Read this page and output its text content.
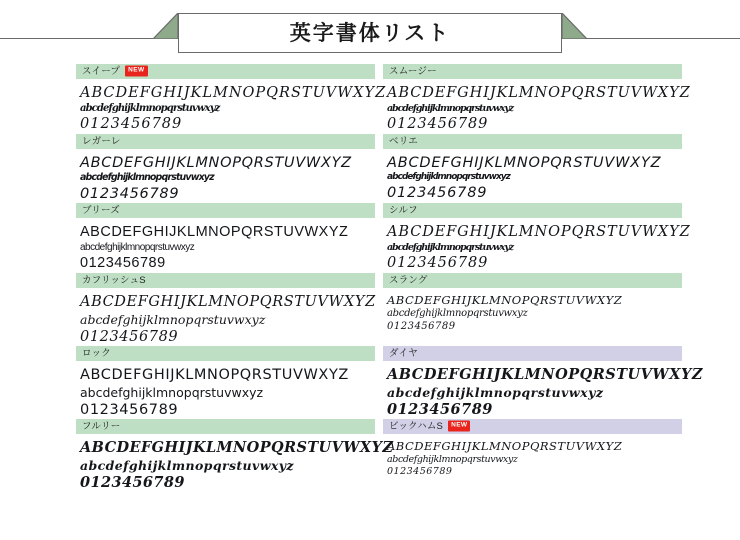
英字書体リスト
スイープ	NEW
ABCDEFGHIJKLMNOPQRSTUVWXYZ
abcdefghijklmnopqrstuvwxyz
0123456789
スムージー
ABCDEFGHIJKLMNOPQRSTUVWXYZ
abcdefghijklmnopqrstuvwxyz
0123456789
レガーレ
ABCDEFGHIJKLMNOPQRSTUVWXYZ
abcdefghijklmnopqrstuvwxyz
0123456789
ベリエ
ABCDEFGHIJKLMNOPQRSTUVWXYZ
abcdefghijklmnopqrstuvwxyz
0123456789
ブリーズ
ABCDEFGHIJKLMNOPQRSTUVWXYZ
abcdefghijklmnopqrstuvwxyz
0123456789
シルフ
ABCDEFGHIJKLMNOPQRSTUVWXYZ
abcdefghijklmnopqrstuvwxyz
0123456789
カフリッシュS
ABCDEFGHIJKLMNOPQRSTUVWXYZ
abcdefghijklmnopqrstuvwxyz
0123456789
スラング
ABCDEFGHIJKLMNOPQRSTUVWXYZ
abcdefghijklmnopqrstuvwxyz
0123456789
ロック
ABCDEFGHIJKLMNOPQRSTUVWXYZ
abcdefghijklmnopqrstuvwxyz
0123456789
ダイヤ
ABCDEFGHIJKLMNOPQRSTUVWXYZ
abcdefghijklmnopqrstuvwxyz
0123456789
フルリー
ABCDEFGHIJKLMNOPQRSTUVWXYZ
abcdefghijklmnopqrstuvwxyz
0123456789
ビックハムS	NEW
ABCDEFGHIJKLMNOPQRSTUVWXYZ
abcdefghijklmnopqrstuvwxyz
0123456789
